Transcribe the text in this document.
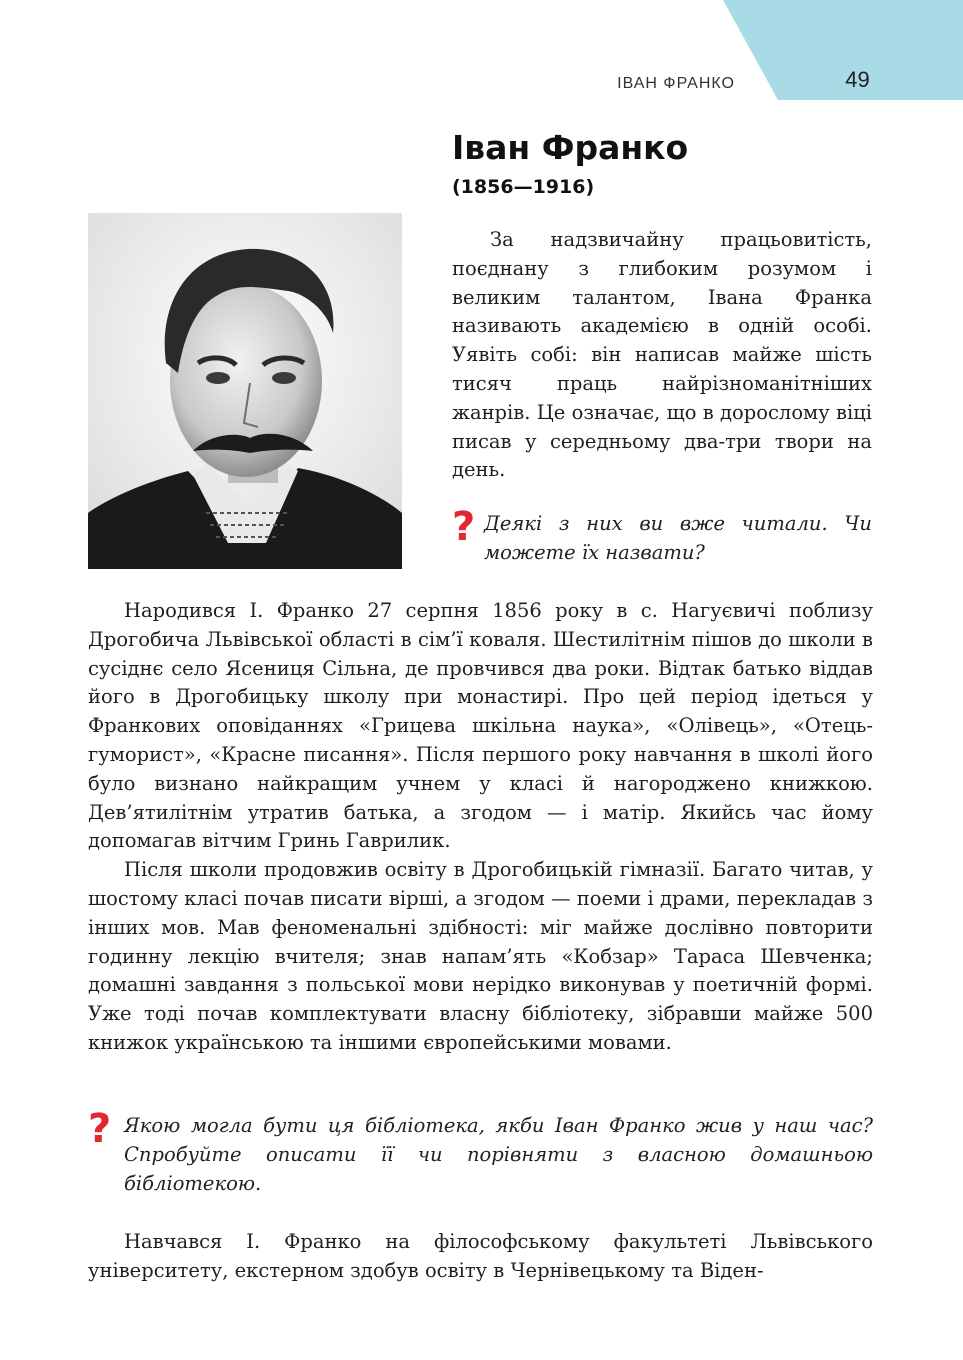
ІВАН ФРАНКО	49
Іван Франко
(1856—1916)

За надзвичайну працьовитість, поєднану з глибоким розумом і великим талантом, Івана Франка називають академією в одній особі. Уявіть собі: він написав майже шість тисяч праць найрізноманітніших жанрів. Це означає, що в дорослому віці писав у середньому два-три твори на день.

? Деякі з них ви вже читали. Чи можете їх назвати?

Народився І. Франко 27 серпня 1856 року в с. Нагуєвичі поблизу Дрогобича Львівської області в сім’ї коваля. Шестилітнім пішов до школи в сусіднє село Ясениця Сільна, де провчився два роки. Відтак батько віддав його в Дрогобицьку школу при монастирі. Про цей період ідеться у Франкових оповіданнях «Грицева шкільна наука», «Олівець», «Отець-гуморист», «Красне писання». Після першого року навчання в школі його було визнано найкращим учнем у класі й нагороджено книжкою. Дев’ятилітнім утратив батька, а згодом — і матір. Якийсь час йому допомагав вітчим Гринь Гаврилик.

Після школи продовжив освіту в Дрогобицькій гімназії. Багато читав, у шостому класі почав писати вірші, а згодом — поеми і драми, перекладав з інших мов. Мав феноменальні здібності: міг майже дослівно повторити годинну лекцію вчителя; знав напам’ять «Кобзар» Тараса Шевченка; домашні завдання з польської мови нерідко виконував у поетичній формі. Уже тоді почав комплектувати власну бібліотеку, зібравши майже 500 книжок українською та іншими європейськими мовами.

? Якою могла бути ця бібліотека, якби Іван Франко жив у наш час? Спробуйте описати її чи порівняти з власною домашньою бібліотекою.

Навчався І. Франко на філософському факультеті Львівського університету, екстерном здобув освіту в Чернівецькому та Віден-
